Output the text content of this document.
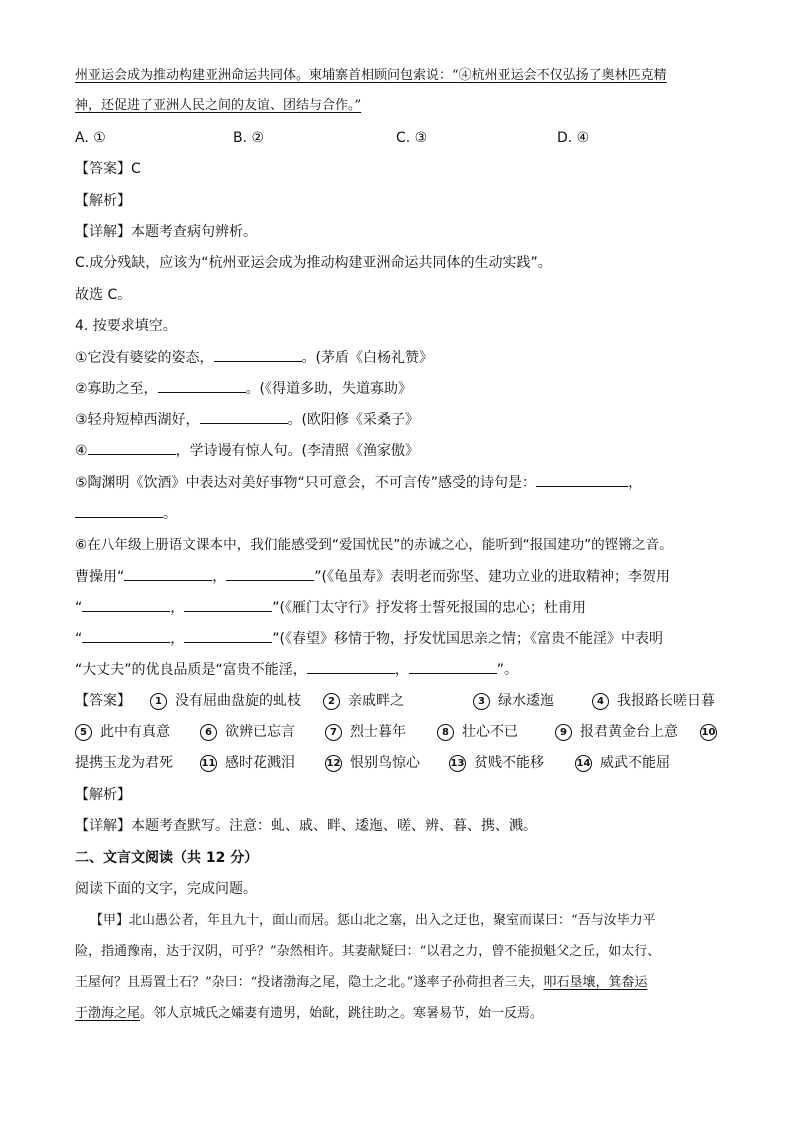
州亚运会成为推动构建亚洲命运共同体。柬埔寨首相顾问包索说：“④杭州亚运会不仅弘扬了奥林匹克精
神，还促进了亚洲人民之间的友谊、团结与合作。”
A. ①	B. ②	C. ③	D. ④
【答案】C
【解析】
【详解】本题考查病句辨析。
C.成分残缺，应该为“杭州亚运会成为推动构建亚洲命运共同体的生动实践”。
故选 C。
4. 按要求填空。
①它没有婆娑的姿态，	。(茅盾《白杨礼赞》
②寡助之至，	。(《得道多助，失道寡助》
③轻舟短棹西湖好，	。(欧阳修《采桑子》
④	，学诗谩有惊人句。(李清照《渔家傲》
⑤陶渊明《饮酒》中表达对美好事物“只可意会，不可言传”感受的诗句是：	，
。
⑥在八年级上册语文课本中，我们能感受到“爱国忧民”的赤诚之心，能听到“报国建功”的铿锵之音。
曹操用“	，	”(《龟虽寿》表明老而弥坚、建功立业的进取精神；李贺用
“	，	”(《雁门太守行》抒发将士誓死报国的忠心；杜甫用
“	，	”(《春望》移情于物，抒发忧国思亲之情；《富贵不能淫》中表明
“大丈夫”的优良品质是“富贵不能淫，	，	”。
【答案】	1 没有屈曲盘旋的虬枝	2 亲戚畔之	3 绿水逶迤	4 我报路长嗟日暮
5 此中有真意	6 欲辨已忘言	7 烈士暮年	8 壮心不已	9 报君黄金台上意 10
提携玉龙为君死	11 感时花溅泪	12 恨别鸟惊心	13 贫贱不能移	14 威武不能屈
【解析】
【详解】本题考查默写。注意：虬、戚、畔、逶迤、嗟、辨、暮、携、溅。
二、文言文阅读（共 12 分）
阅读下面的文字，完成问题。
【甲】北山愚公者，年且九十，面山而居。惩山北之塞，出入之迂也，聚室而谋曰：“吾与汝毕力平
险，指通豫南，达于汉阴，可乎？”杂然相许。其妻献疑曰：“以君之力，曾不能损魁父之丘，如太行、
王屋何？且焉置土石？”杂曰：“投诸渤海之尾，隐土之北。”遂率子孙荷担者三夫，叩石垦壤，箕畚运
于渤海之尾。邻人京城氏之孀妻有遗男，始龀，跳往助之。寒暑易节，始一反焉。
